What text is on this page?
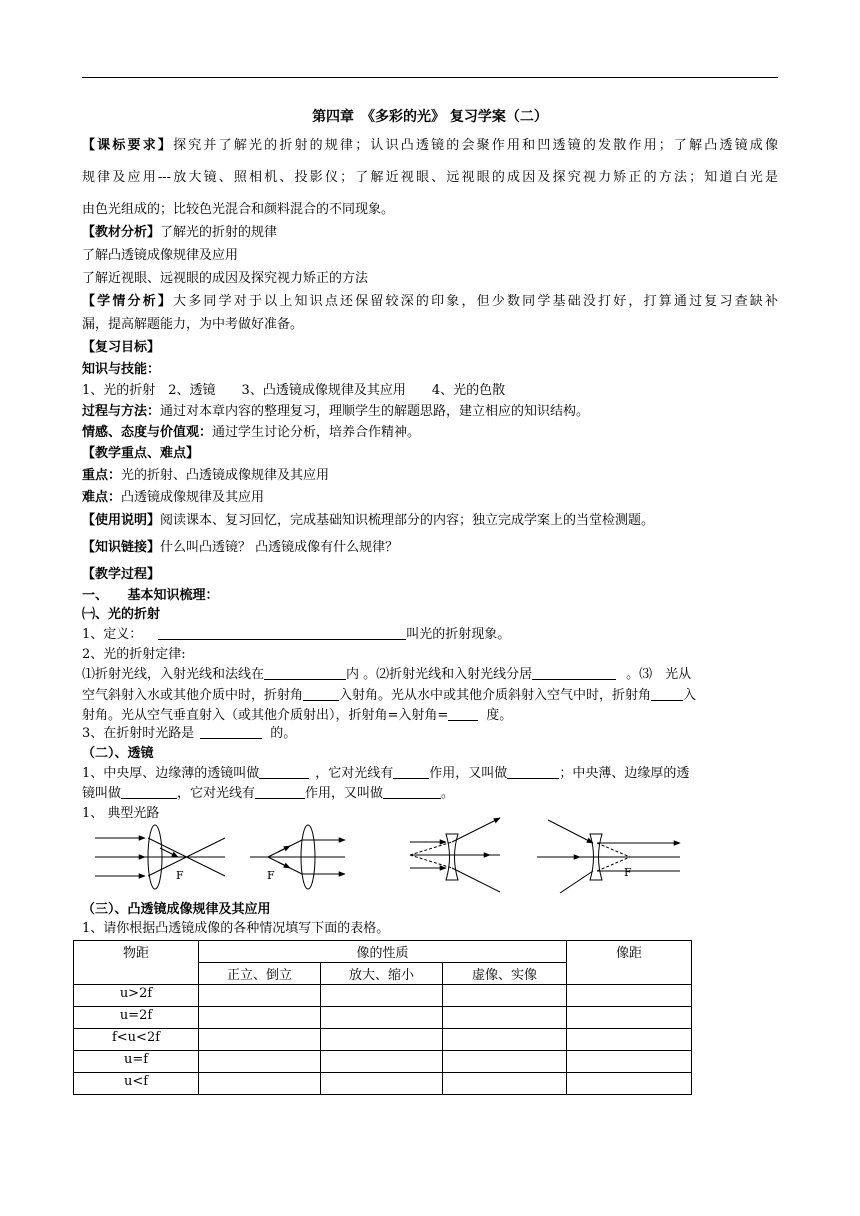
第四章　《多彩的光》 复习学案（二）
【课标要求】探究并了解光的折射的规律；认识凸透镜的会聚作用和凹透镜的发散作用；了解凸透镜成像
规律及应用---放大镜、照相机、投影仪；了解近视眼、远视眼的成因及探究视力矫正的方法；知道白光是
由色光组成的；比较色光混合和颜料混合的不同现象。
【教材分析】了解光的折射的规律
了解凸透镜成像规律及应用
了解近视眼、远视眼的成因及探究视力矫正的方法
【学情分析】大多同学对于以上知识点还保留较深的印象，但少数同学基础没打好，打算通过复习查缺补
漏，提高解题能力，为中考做好准备。
【复习目标】
知识与技能：
1、光的折射　2、透镜　　3、凸透镜成像规律及其应用　　4、光的色散
过程与方法：通过对本章内容的整理复习，理顺学生的解题思路，建立相应的知识结构。
情感、态度与价值观：通过学生讨论分析，培养合作精神。
【教学重点、难点】
重点：光的折射、凸透镜成像规律及其应用
难点：凸透镜成像规律及其应用
【使用说明】阅读课本、复习回忆，完成基础知识梳理部分的内容；独立完成学案上的当堂检测题。
【知识链接】什么叫凸透镜？ 凸透镜成像有什么规律？
【教学过程】
一、　　基本知识梳理：
㈠、光的折射
1、定义：	叫光的折射现象。
2、光的折射定律:
⑴折射光线，入射光线和法线在	内 。⑵折射光线和入射光线分居	。⑶　光从
空气斜射入水或其他介质中时，折射角	入射角。光从水中或其他介质斜射入空气中时，折射角 入
射角。光从空气垂直射入（或其他介质射出），折射角=入射角=	度。
3、在折射时光路是	的。
（二）、透镜
1、中央厚、边缘薄的透镜叫做	，它对光线有	作用，又叫做	；中央薄、边缘厚的透
镜叫做	，它对光线有	作用，又叫做	。
1、 典型光路
F	F	F
（三）、凸透镜成像规律及其应用
1、请你根据凸透镜成像的各种情况填写下面的表格。
物距	像的性质			像距
	正立、倒立	放大、缩小	虚像、实像	
u>2f				
u=2f				
f<u<2f				
u=f				
u<f				
